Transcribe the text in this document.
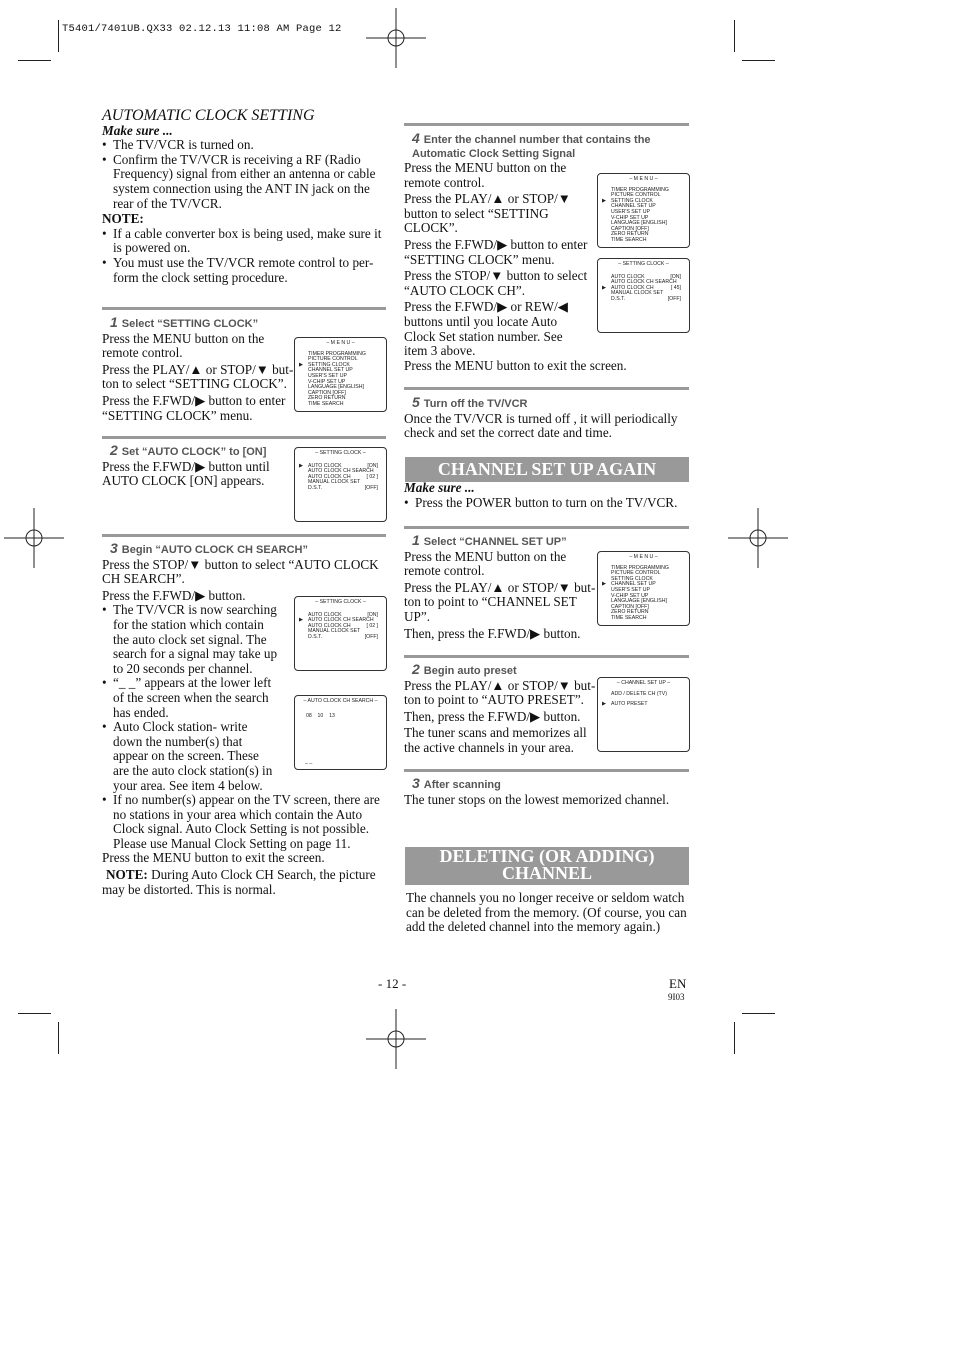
T5401/7401UB.QX33 02.12.13 11:08 AM Page 12

AUTOMATIC CLOCK SETTING

Make sure ...

• The TV/VCR is turned on.
• Confirm the TV/VCR is receiving a RF (Radio Frequency) signal from either an antenna or cable system connection using the ANT IN jack on the rear of the TV/VCR.

NOTE:

• If a cable converter box is being used, make sure it is powered on.
• You must use the TV/VCR remote control to per-form the clock setting procedure.

1 Select “SETTING CLOCK”

Press the MENU button on the remote control.

Press the PLAY/▲ or STOP/▼ but-ton to select “SETTING CLOCK”.

Press the F.FWD/▶ button to enter “SETTING CLOCK” menu.

2 Set “AUTO CLOCK” to [ON]

Press the F.FWD/▶ button until AUTO CLOCK [ON] appears.

3 Begin “AUTO CLOCK CH SEARCH”

Press the STOP/▼ button to select “AUTO CLOCK CH SEARCH”.

Press the F.FWD/▶ button.

• The TV/VCR is now searching for the station which contain the auto clock set signal. The search for a signal may take up to 20 seconds per channel.
• “_ _” appears at the lower left of the screen when the search has ended.
• Auto Clock station- write down the number(s) that appear on the screen. These are the auto clock station(s) in your area. See item 4 below.
• If no number(s) appear on the TV screen, there are no stations in your area which contain the Auto Clock signal. Auto Clock Setting is not possible. Please use Manual Clock Setting on page 11.

Press the MENU button to exit the screen.

NOTE: During Auto Clock CH Search, the picture may be distorted. This is normal.

– M E N U –
TIMER PROGRAMMING
PICTURE CONTROL
▶ SETTING CLOCK
CHANNEL SET UP
USER'S SET UP
V-CHIP SET UP
LANGUAGE [ENGLISH]
CAPTION [OFF]
ZERO RETURN
TIME SEARCH
– SETTING CLOCK –
▶ AUTO CLOCK	[ON]
AUTO CLOCK CH SEARCH
AUTO CLOCK CH	[ 02 ]
MANUAL CLOCK SET
D.S.T.	[OFF]
– SETTING CLOCK –
AUTO CLOCK	[ON]
▶ AUTO CLOCK CH SEARCH
AUTO CLOCK CH	[ 02 ]
MANUAL CLOCK SET
D.S.T.	[OFF]
– AUTO CLOCK CH SEARCH –
08    10    13
_ _

4 Enter the channel number that contains the Automatic Clock Setting Signal

Press the MENU button on the remote control.

Press the PLAY/▲ or STOP/▼ button to select “SETTING CLOCK”.

Press the F.FWD/▶ button to enter “SETTING CLOCK” menu.

Press the STOP/▼ button to select “AUTO CLOCK CH”.

Press the F.FWD/▶ or REW/◀ buttons until you locate Auto Clock Set station number. See item 3 above.

Press the MENU button to exit the screen.

– M E N U –
TIMER PROGRAMMING
PICTURE CONTROL
▶ SETTING CLOCK
CHANNEL SET UP
USER'S SET UP
V-CHIP SET UP
LANGUAGE [ENGLISH]
CAPTION [OFF]
ZERO RETURN
TIME SEARCH
– SETTING CLOCK –
AUTO CLOCK	[ON]
AUTO CLOCK CH SEARCH
▶ AUTO CLOCK CH	[ 45]
MANUAL CLOCK SET
D.S.T.	[OFF]

5 Turn off the TV/VCR

Once the TV/VCR is turned off , it will periodically check and set the correct date and time.

CHANNEL SET UP AGAIN

Make sure ...

• Press the POWER button to turn on the TV/VCR.

1 Select “CHANNEL SET UP”

Press the MENU button on the remote control.

Press the PLAY/▲ or STOP/▼ but-ton to point to “CHANNEL SET UP”.

Then, press the F.FWD/▶ button.

– M E N U –
TIMER PROGRAMMING
PICTURE CONTROL
SETTING CLOCK
▶ CHANNEL SET UP
USER'S SET UP
V-CHIP SET UP
LANGUAGE [ENGLISH]
CAPTION [OFF]
ZERO RETURN
TIME SEARCH

2 Begin auto preset

Press the PLAY/▲ or STOP/▼ but-ton to point to “AUTO PRESET”.

Then, press the F.FWD/▶ button.

The tuner scans and memorizes all the active channels in your area.

– CHANNEL SET UP –
ADD / DELETE CH (TV)
▶ AUTO PRESET

3 After scanning

The tuner stops on the lowest memorized channel.

DELETING (OR ADDING)
CHANNEL

The channels you no longer receive or seldom watch can be deleted from the memory. (Of course, you can add the deleted channel into the memory again.)

- 12 -	EN
9I03
